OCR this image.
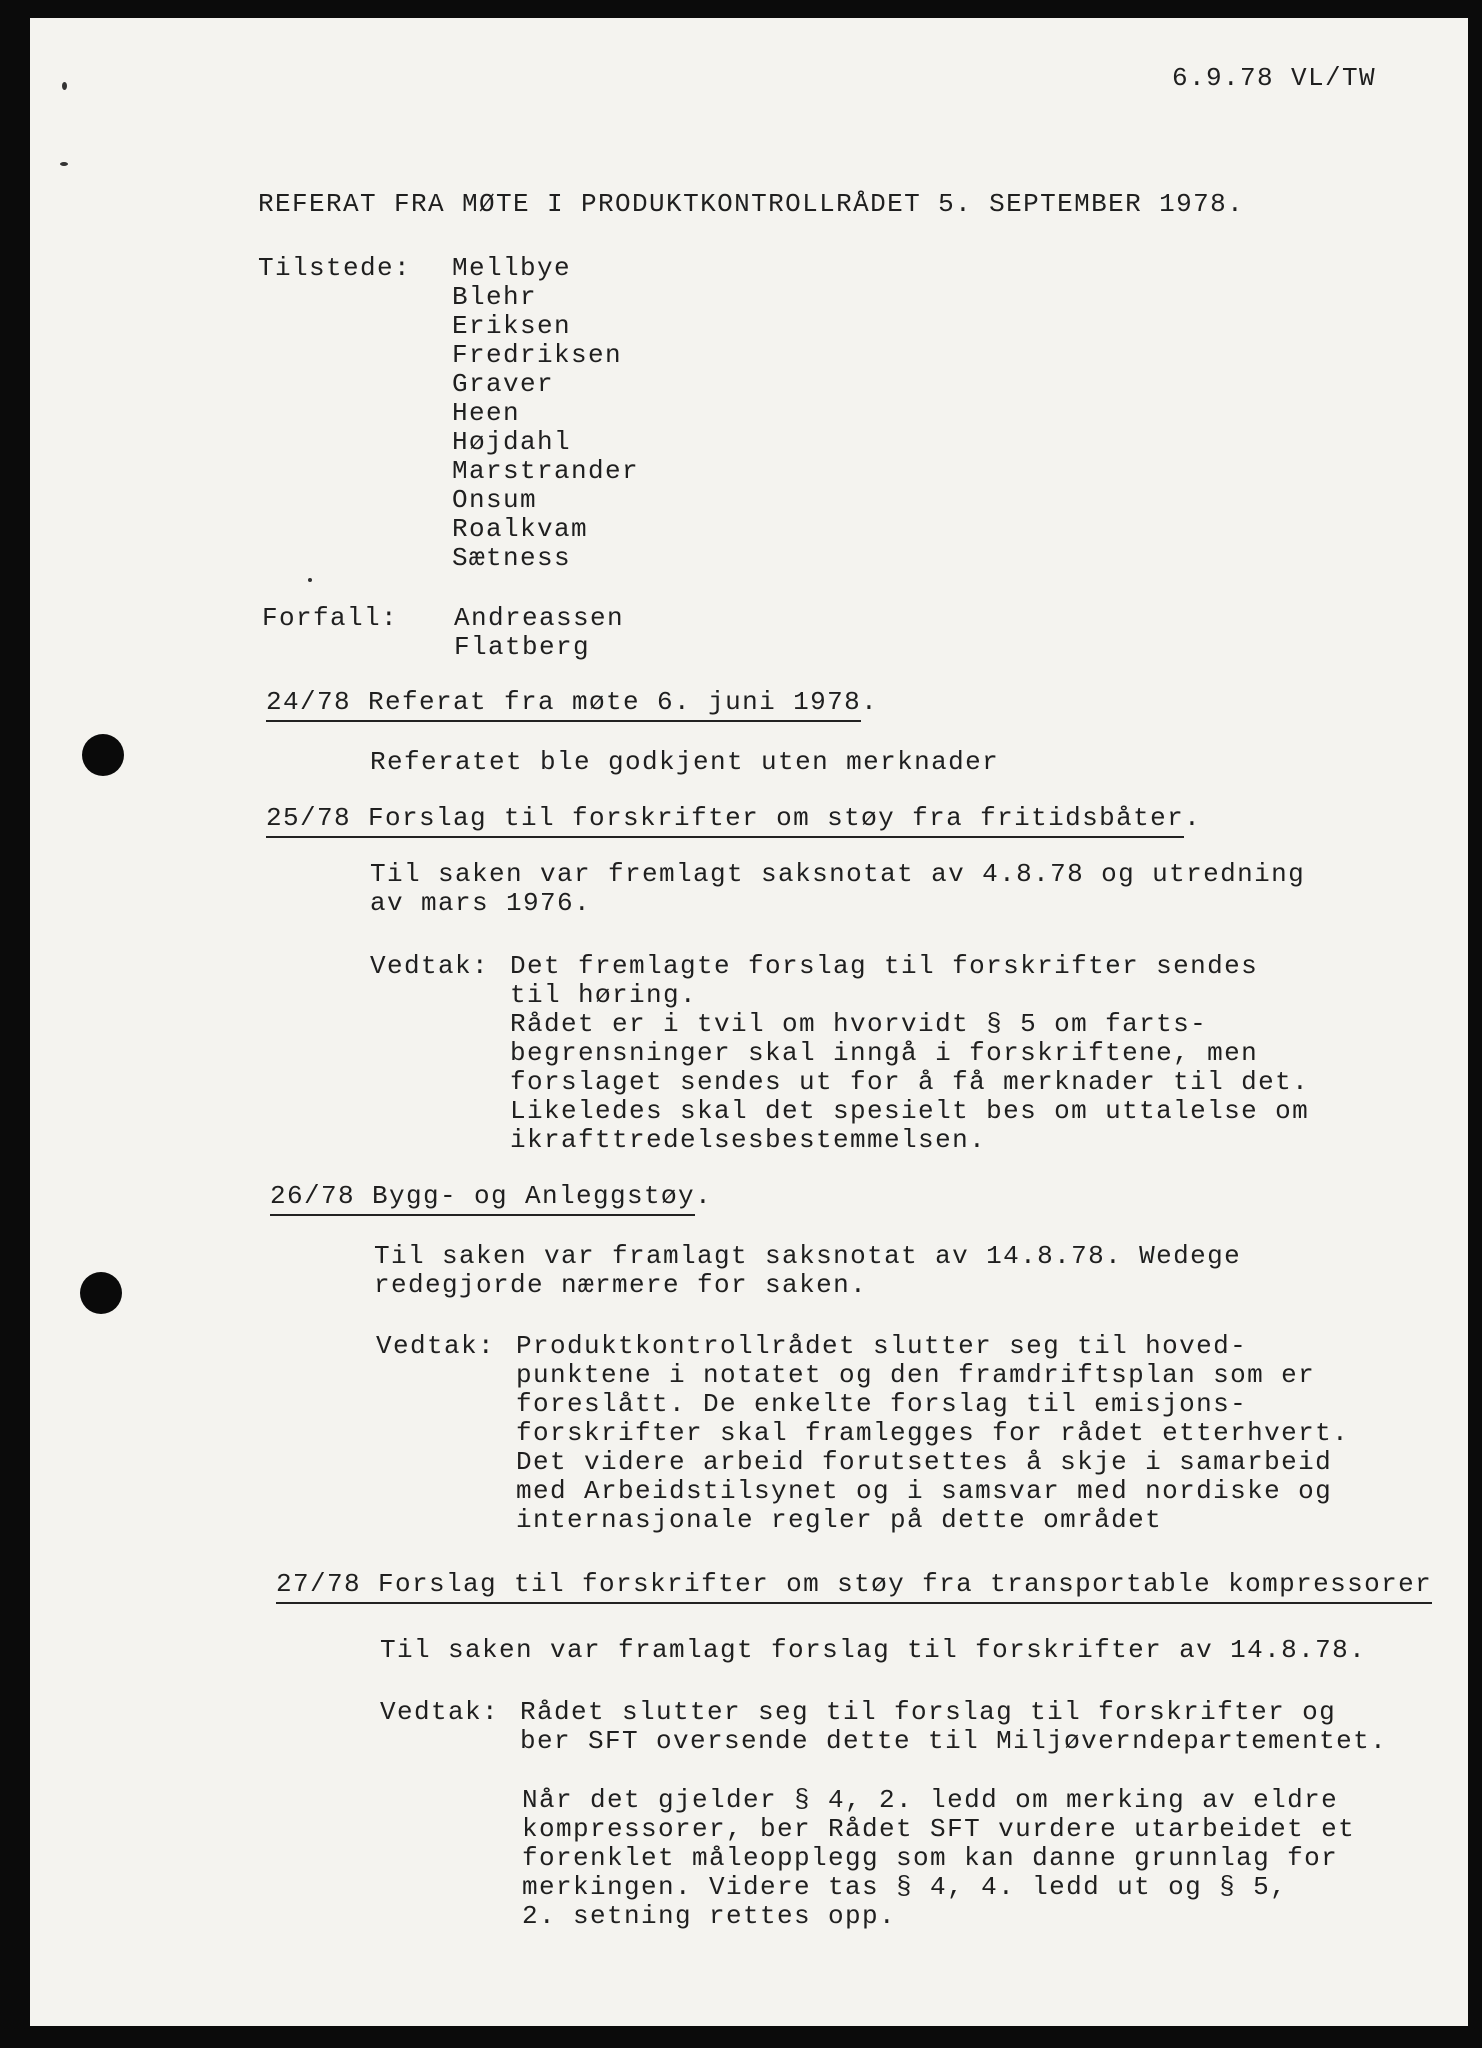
6.9.78 VL/TW
REFERAT FRA MØTE I PRODUKTKONTROLLRÅDET 5. SEPTEMBER 1978.
Tilstede: Mellbye
Blehr
Eriksen
Fredriksen
Graver
Heen
Højdahl
Marstrander
Onsum
Roalkvam
Sætness
Forfall: Andreassen
Flatberg
24/78 Referat fra møte 6. juni 1978.
Referatet ble godkjent uten merknader
25/78 Forslag til forskrifter om støy fra fritidsbåter.
Til saken var fremlagt saksnotat av 4.8.78 og utredning
av mars 1976.
Vedtak: Det fremlagte forslag til forskrifter sendes
til høring.
Rådet er i tvil om hvorvidt § 5 om farts-
begrensninger skal inngå i forskriftene, men
forslaget sendes ut for å få merknader til det.
Likeledes skal det spesielt bes om uttalelse om
ikrafttredelsesbestemmelsen.
26/78 Bygg- og Anleggstøy.
Til saken var framlagt saksnotat av 14.8.78. Wedege
redegjorde nærmere for saken.
Vedtak: Produktkontrollrådet slutter seg til hoved-
punktene i notatet og den framdriftsplan som er
foreslått. De enkelte forslag til emisjons-
forskrifter skal framlegges for rådet etterhvert.
Det videre arbeid forutsettes å skje i samarbeid
med Arbeidstilsynet og i samsvar med nordiske og
internasjonale regler på dette området
27/78 Forslag til forskrifter om støy fra transportable kompressorer
Til saken var framlagt forslag til forskrifter av 14.8.78.
Vedtak: Rådet slutter seg til forslag til forskrifter og
ber SFT oversende dette til Miljøverndepartementet.
Når det gjelder § 4, 2. ledd om merking av eldre
kompressorer, ber Rådet SFT vurdere utarbeidet et
forenklet måleopplegg som kan danne grunnlag for
merkingen. Videre tas § 4, 4. ledd ut og § 5,
2. setning rettes opp.
